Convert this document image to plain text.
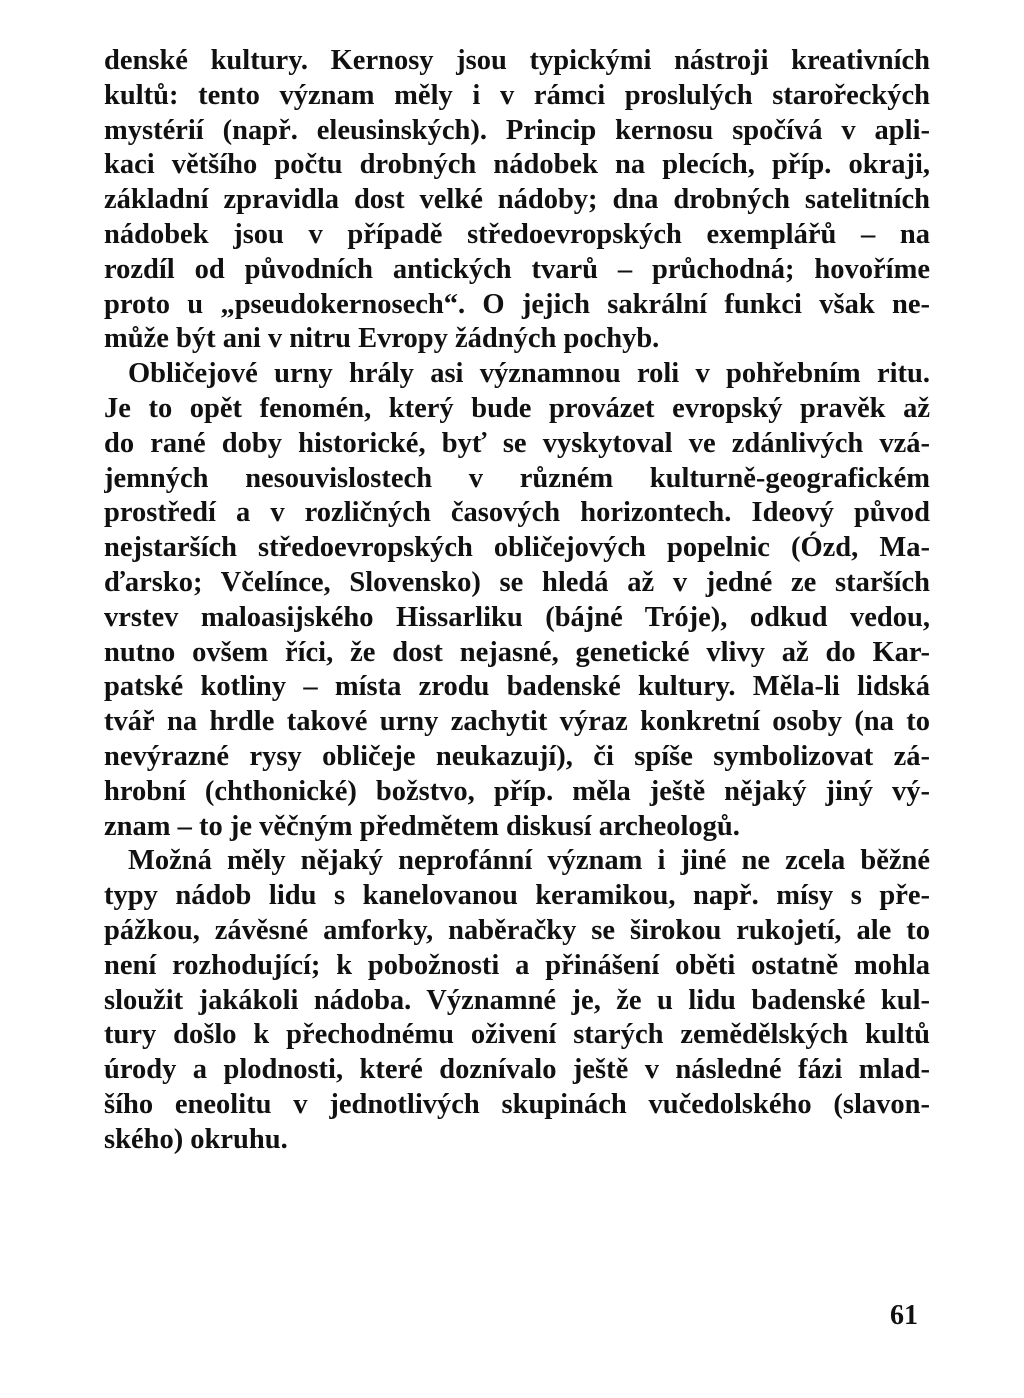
denské kultury. Kernosy jsou typickými nástroji kreativních
kultů: tento význam měly i v rámci proslulých starořeckých
mystérií (např. eleusinských). Princip kernosu spočívá v apli-
kaci většího počtu drobných nádobek na plecích, příp. okraji,
základní zpravidla dost velké nádoby; dna drobných satelitních
nádobek jsou v případě středoevropských exemplářů – na
rozdíl od původních antických tvarů – průchodná; hovoříme
proto u „pseudokernosech“. O jejich sakrální funkci však ne-
může být ani v nitru Evropy žádných pochyb.
Obličejové urny hrály asi významnou roli v pohřebním ritu.
Je to opět fenomén, který bude provázet evropský pravěk až
do rané doby historické, byť se vyskytoval ve zdánlivých vzá-
jemných nesouvislostech v různém kulturně-geografickém
prostředí a v rozličných časových horizontech. Ideový původ
nejstarších středoevropských obličejových popelnic (Ózd, Ma-
ďarsko; Včelínce, Slovensko) se hledá až v jedné ze starších
vrstev maloasijského Hissarliku (bájné Tróje), odkud vedou,
nutno ovšem říci, že dost nejasné, genetické vlivy až do Kar-
patské kotliny – místa zrodu badenské kultury. Měla-li lidská
tvář na hrdle takové urny zachytit výraz konkretní osoby (na to
nevýrazné rysy obličeje neukazují), či spíše symbolizovat zá-
hrobní (chthonické) božstvo, příp. měla ještě nějaký jiný vý-
znam – to je věčným předmětem diskusí archeologů.
Možná měly nějaký neprofánní význam i jiné ne zcela běžné
typy nádob lidu s kanelovanou keramikou, např. mísy s pře-
pážkou, závěsné amforky, naběračky se širokou rukojetí, ale to
není rozhodující; k pobožnosti a přinášení oběti ostatně mohla
sloužit jakákoli nádoba. Významné je, že u lidu badenské kul-
tury došlo k přechodnému oživení starých zemědělských kultů
úrody a plodnosti, které doznívalo ještě v následné fázi mlad-
šího eneolitu v jednotlivých skupinách vučedolského (slavon-
ského) okruhu.
61
